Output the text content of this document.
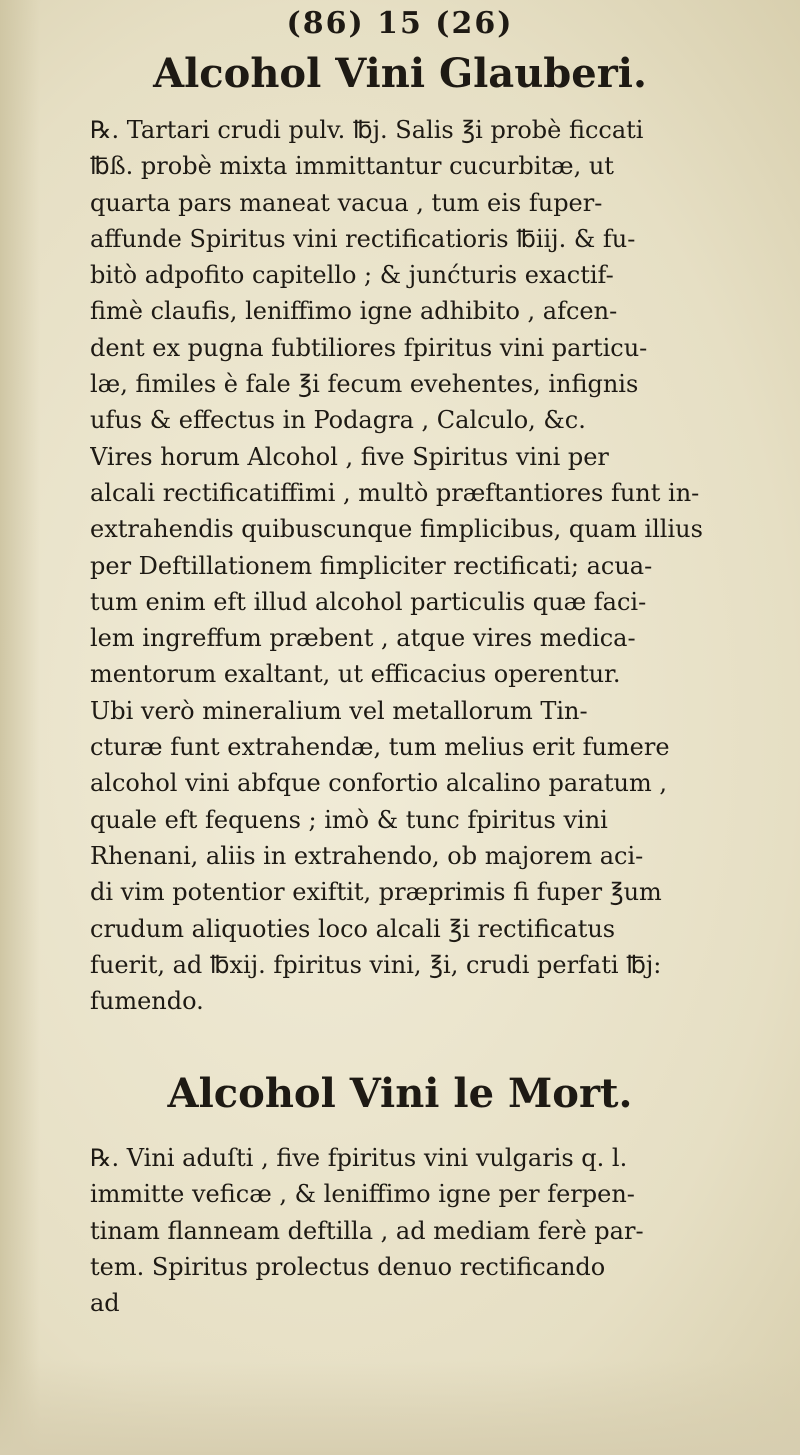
(86) 15 (26)
Alcohol Vini Glauberi.

℞. Tartari crudi pulv. ℔j. Salis ℥i probè ficcati
℔ß. probè mixta immittantur cucurbitæ, ut
quarta pars maneat vacua , tum eis fuper-
affunde Spiritus vini rectificatioris ℔iij. & fu-
bitò adpofito capitello ; & junćturis exactif-
fimè claufis, leniffimo igne adhibito , afcen-
dent ex pugna fubtiliores fpiritus vini particu-
læ, fimiles è fale ℥i fecum evehentes, infignis
ufus & effectus in Podagra , Calculo, &c.
Vires horum Alcohol , five Spiritus vini per
alcali rectificatiffimi , multò præftantiores funt in-
extrahendis quibuscunque fimplicibus, quam illius
per Deftillationem fimpliciter rectificati; acua-
tum enim eft illud alcohol particulis quæ faci-
lem ingreffum præbent , atque vires medica-
mentorum exaltant, ut efficacius operentur.
Ubi verò mineralium vel metallorum Tin-
cturæ funt extrahendæ, tum melius erit fumere
alcohol vini abfque confortio alcalino paratum ,
quale eft fequens ; imò & tunc fpiritus vini
Rhenani, aliis in extrahendo, ob majorem aci-
di vim potentior exiftit, præprimis fi fuper ℥um
crudum aliquoties loco alcali ℥i rectificatus
fuerit, ad ℔xij. fpiritus vini, ℥i, crudi perfati ℔j:
fumendo.

Alcohol Vini le Mort.

℞. Vini aduſti , five fpiritus vini vulgaris q. l.
immitte veficæ , & leniffimo igne per ferpen-
tinam flanneam deftilla , ad mediam ferè par-
tem. Spiritus prolectus denuo rectificando
ad
